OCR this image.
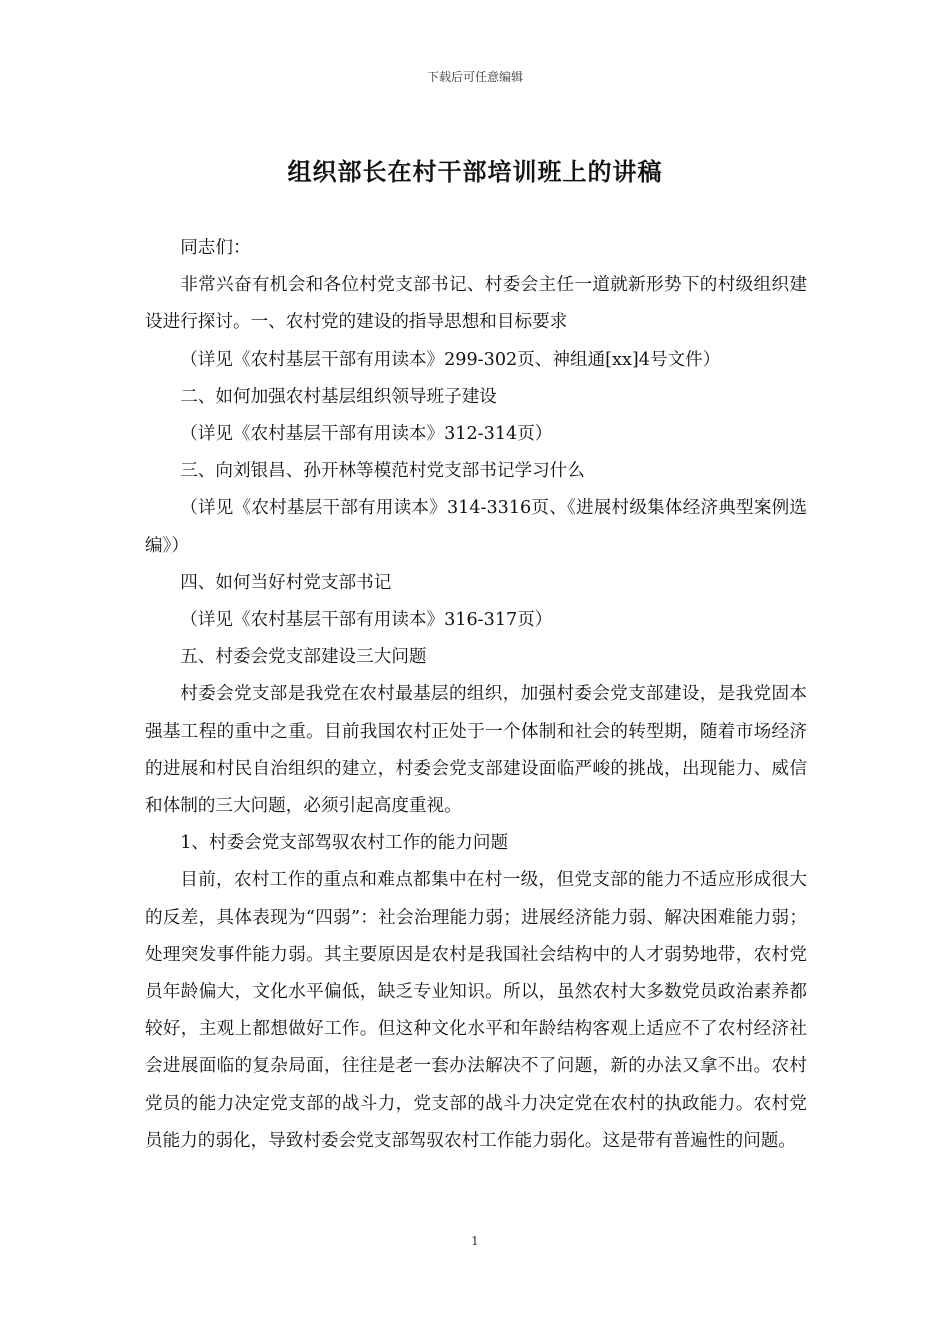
下载后可任意编辑
组织部长在村干部培训班上的讲稿

同志们：

非常兴奋有机会和各位村党支部书记、村委会主任一道就新形势下的村级组织建设进行探讨。一、农村党的建设的指导思想和目标要求

（详见《农村基层干部有用读本》299-302页、神组通[xx]4号文件）

二、如何加强农村基层组织领导班子建设

（详见《农村基层干部有用读本》312-314页）

三、向刘银昌、孙开林等模范村党支部书记学习什么

（详见《农村基层干部有用读本》314-3316页、《进展村级集体经济典型案例选编》）

四、如何当好村党支部书记

（详见《农村基层干部有用读本》316-317页）

五、村委会党支部建设三大问题

村委会党支部是我党在农村最基层的组织，加强村委会党支部建设，是我党固本强基工程的重中之重。目前我国农村正处于一个体制和社会的转型期，随着市场经济的进展和村民自治组织的建立，村委会党支部建设面临严峻的挑战，出现能力、威信和体制的三大问题，必须引起高度重视。

1、村委会党支部驾驭农村工作的能力问题

目前，农村工作的重点和难点都集中在村一级，但党支部的能力不适应形成很大的反差，具体表现为“四弱”：社会治理能力弱；进展经济能力弱、解决困难能力弱；处理突发事件能力弱。其主要原因是农村是我国社会结构中的人才弱势地带，农村党员年龄偏大，文化水平偏低，缺乏专业知识。所以，虽然农村大多数党员政治素养都较好，主观上都想做好工作。但这种文化水平和年龄结构客观上适应不了农村经济社会进展面临的复杂局面，往往是老一套办法解决不了问题，新的办法又拿不出。农村党员的能力决定党支部的战斗力，党支部的战斗力决定党在农村的执政能力。农村党员能力的弱化，导致村委会党支部驾驭农村工作能力弱化。这是带有普遍性的问题。

1
